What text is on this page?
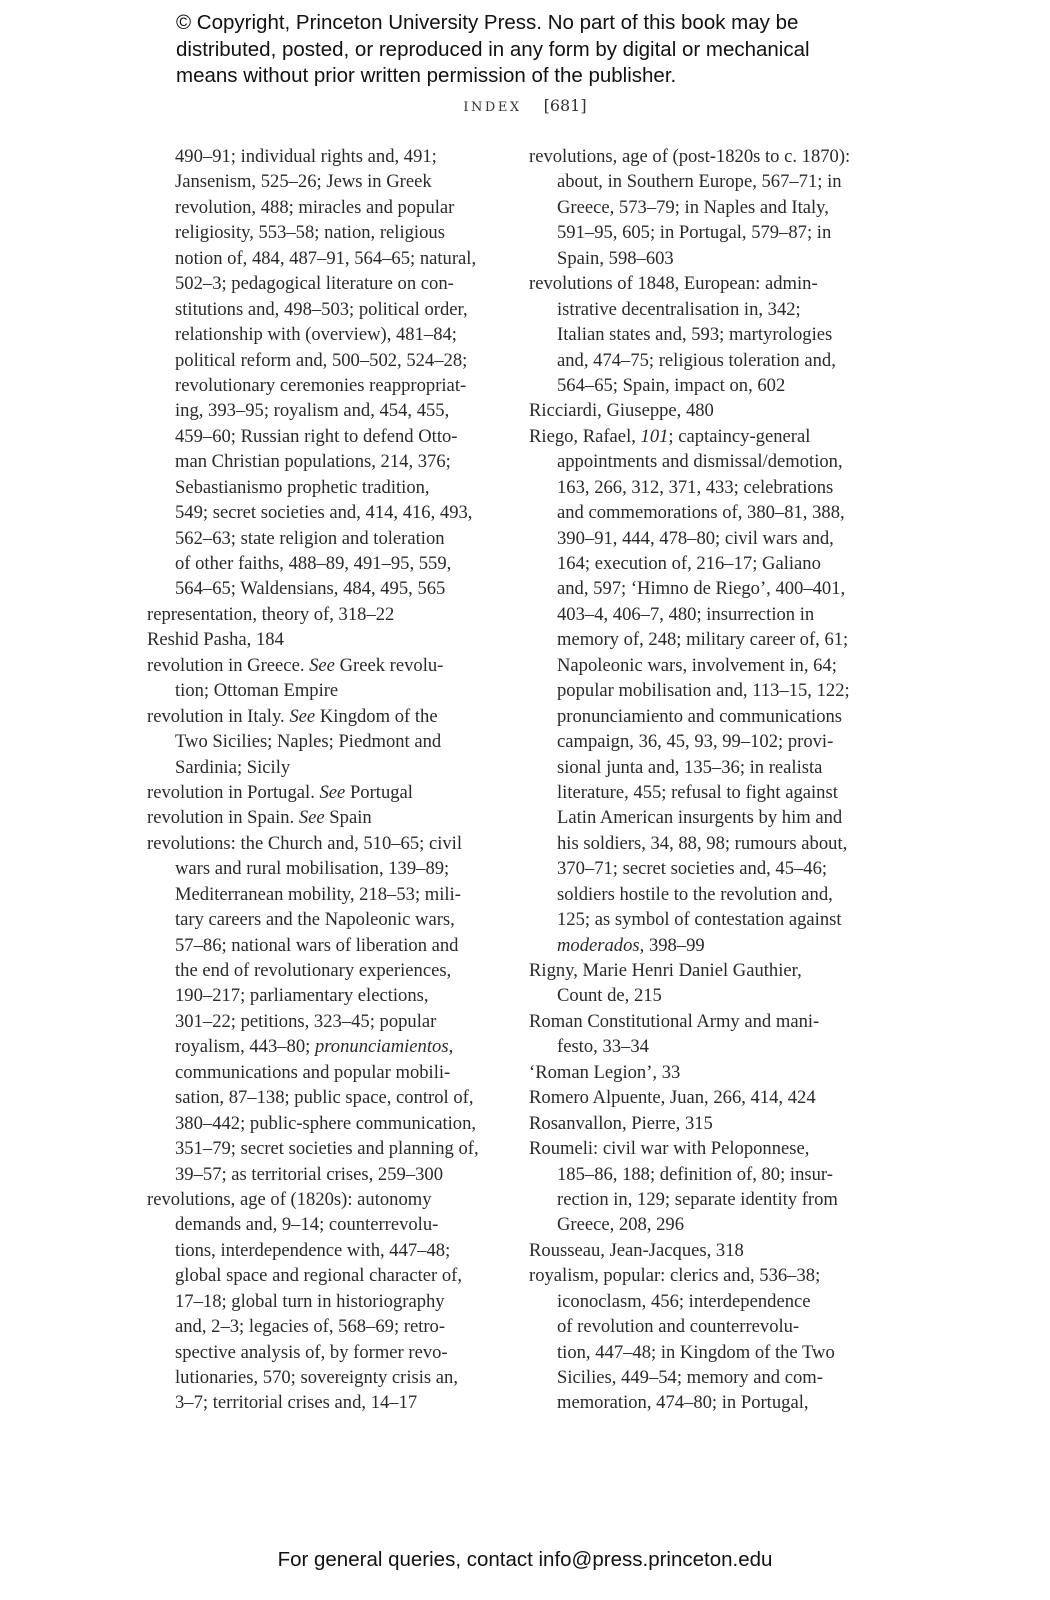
© Copyright, Princeton University Press. No part of this book may be
distributed, posted, or reproduced in any form by digital or mechanical
means without prior written permission of the publisher.
INDEX [681]
490–91; individual rights and, 491;
Jansenism, 525–26; Jews in Greek
revolution, 488; miracles and popular
religiosity, 553–58; nation, religious
notion of, 484, 487–91, 564–65; natural,
502–3; pedagogical literature on con-
stitutions and, 498–503; political order,
relationship with (overview), 481–84;
political reform and, 500–502, 524–28;
revolutionary ceremonies reappropriat-
ing, 393–95; royalism and, 454, 455,
459–60; Russian right to defend Otto-
man Christian populations, 214, 376;
Sebastianismo prophetic tradition,
549; secret societies and, 414, 416, 493,
562–63; state religion and toleration
of other faiths, 488–89, 491–95, 559,
564–65; Waldensians, 484, 495, 565
representation, theory of, 318–22
Reshid Pasha, 184
revolution in Greece. See Greek revolu-
tion; Ottoman Empire
revolution in Italy. See Kingdom of the
Two Sicilies; Naples; Piedmont and
Sardinia; Sicily
revolution in Portugal. See Portugal
revolution in Spain. See Spain
revolutions: the Church and, 510–65; civil
wars and rural mobilisation, 139–89;
Mediterranean mobility, 218–53; mili-
tary careers and the Napoleonic wars,
57–86; national wars of liberation and
the end of revolutionary experiences,
190–217; parliamentary elections,
301–22; petitions, 323–45; popular
royalism, 443–80; pronunciamientos,
communications and popular mobili-
sation, 87–138; public space, control of,
380–442; public-sphere communication,
351–79; secret societies and planning of,
39–57; as territorial crises, 259–300
revolutions, age of (1820s): autonomy
demands and, 9–14; counterrevolu-
tions, interdependence with, 447–48;
global space and regional character of,
17–18; global turn in historiography
and, 2–3; legacies of, 568–69; retro-
spective analysis of, by former revo-
lutionaries, 570; sovereignty crisis an,
3–7; territorial crises and, 14–17
revolutions, age of (post-1820s to c. 1870):
about, in Southern Europe, 567–71; in
Greece, 573–79; in Naples and Italy,
591–95, 605; in Portugal, 579–87; in
Spain, 598–603
revolutions of 1848, European: admin-
istrative decentralisation in, 342;
Italian states and, 593; martyrologies
and, 474–75; religious toleration and,
564–65; Spain, impact on, 602
Ricciardi, Giuseppe, 480
Riego, Rafael, 101; captaincy-general
appointments and dismissal/demotion,
163, 266, 312, 371, 433; celebrations
and commemorations of, 380–81, 388,
390–91, 444, 478–80; civil wars and,
164; execution of, 216–17; Galiano
and, 597; ‘Himno de Riego’, 400–401,
403–4, 406–7, 480; insurrection in
memory of, 248; military career of, 61;
Napoleonic wars, involvement in, 64;
popular mobilisation and, 113–15, 122;
pronunciamiento and communications
campaign, 36, 45, 93, 99–102; provi-
sional junta and, 135–36; in realista
literature, 455; refusal to fight against
Latin American insurgents by him and
his soldiers, 34, 88, 98; rumours about,
370–71; secret societies and, 45–46;
soldiers hostile to the revolution and,
125; as symbol of contestation against
moderados, 398–99
Rigny, Marie Henri Daniel Gauthier,
Count de, 215
Roman Constitutional Army and mani-
festo, 33–34
‘Roman Legion’, 33
Romero Alpuente, Juan, 266, 414, 424
Rosanvallon, Pierre, 315
Roumeli: civil war with Peloponnese,
185–86, 188; definition of, 80; insur-
rection in, 129; separate identity from
Greece, 208, 296
Rousseau, Jean-Jacques, 318
royalism, popular: clerics and, 536–38;
iconoclasm, 456; interdependence
of revolution and counterrevolu-
tion, 447–48; in Kingdom of the Two
Sicilies, 449–54; memory and com-
memoration, 474–80; in Portugal,
For general queries, contact info@press.princeton.edu
